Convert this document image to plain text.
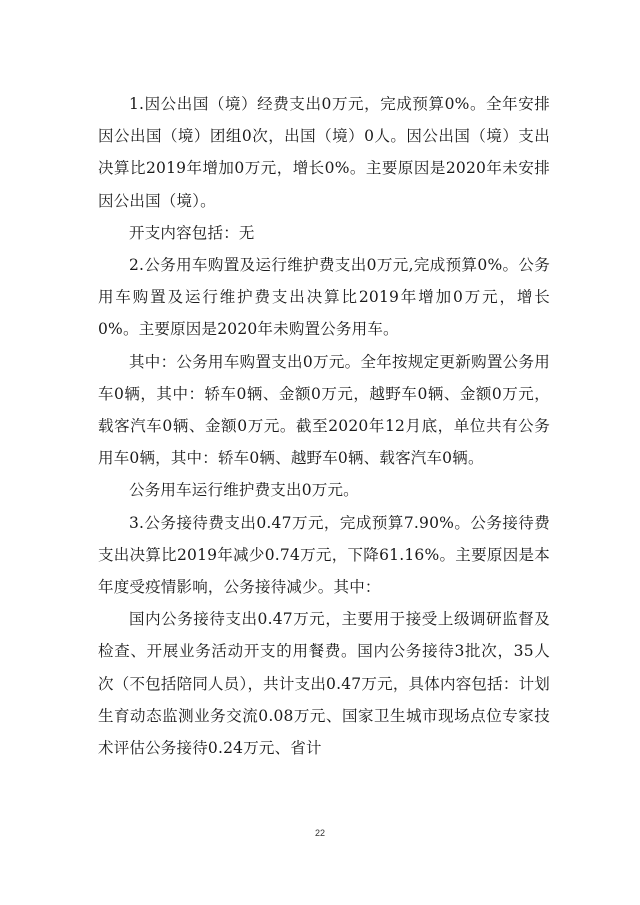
1.因公出国（境）经费支出0万元，完成预算0%。全年安排因公出国（境）团组0次，出国（境）0人。因公出国（境）支出决算比2019年增加0万元，增长0%。主要原因是2020年未安排因公出国（境）。

开支内容包括：无

2.公务用车购置及运行维护费支出0万元,完成预算0%。公务用车购置及运行维护费支出决算比2019年增加0万元，增长0%。主要原因是2020年未购置公务用车。

其中：公务用车购置支出0万元。全年按规定更新购置公务用车0辆，其中：轿车0辆、金额0万元，越野车0辆、金额0万元，载客汽车0辆、金额0万元。截至2020年12月底，单位共有公务用车0辆，其中：轿车0辆、越野车0辆、载客汽车0辆。

公务用车运行维护费支出0万元。

3.公务接待费支出0.47万元，完成预算7.90%。公务接待费支出决算比2019年减少0.74万元，下降61.16%。主要原因是本年度受疫情影响，公务接待减少。其中：

国内公务接待支出0.47万元，主要用于接受上级调研监督及检查、开展业务活动开支的用餐费。国内公务接待3批次，35人次（不包括陪同人员），共计支出0.47万元，具体内容包括：计划生育动态监测业务交流0.08万元、国家卫生城市现场点位专家技术评估公务接待0.24万元、省计

22
